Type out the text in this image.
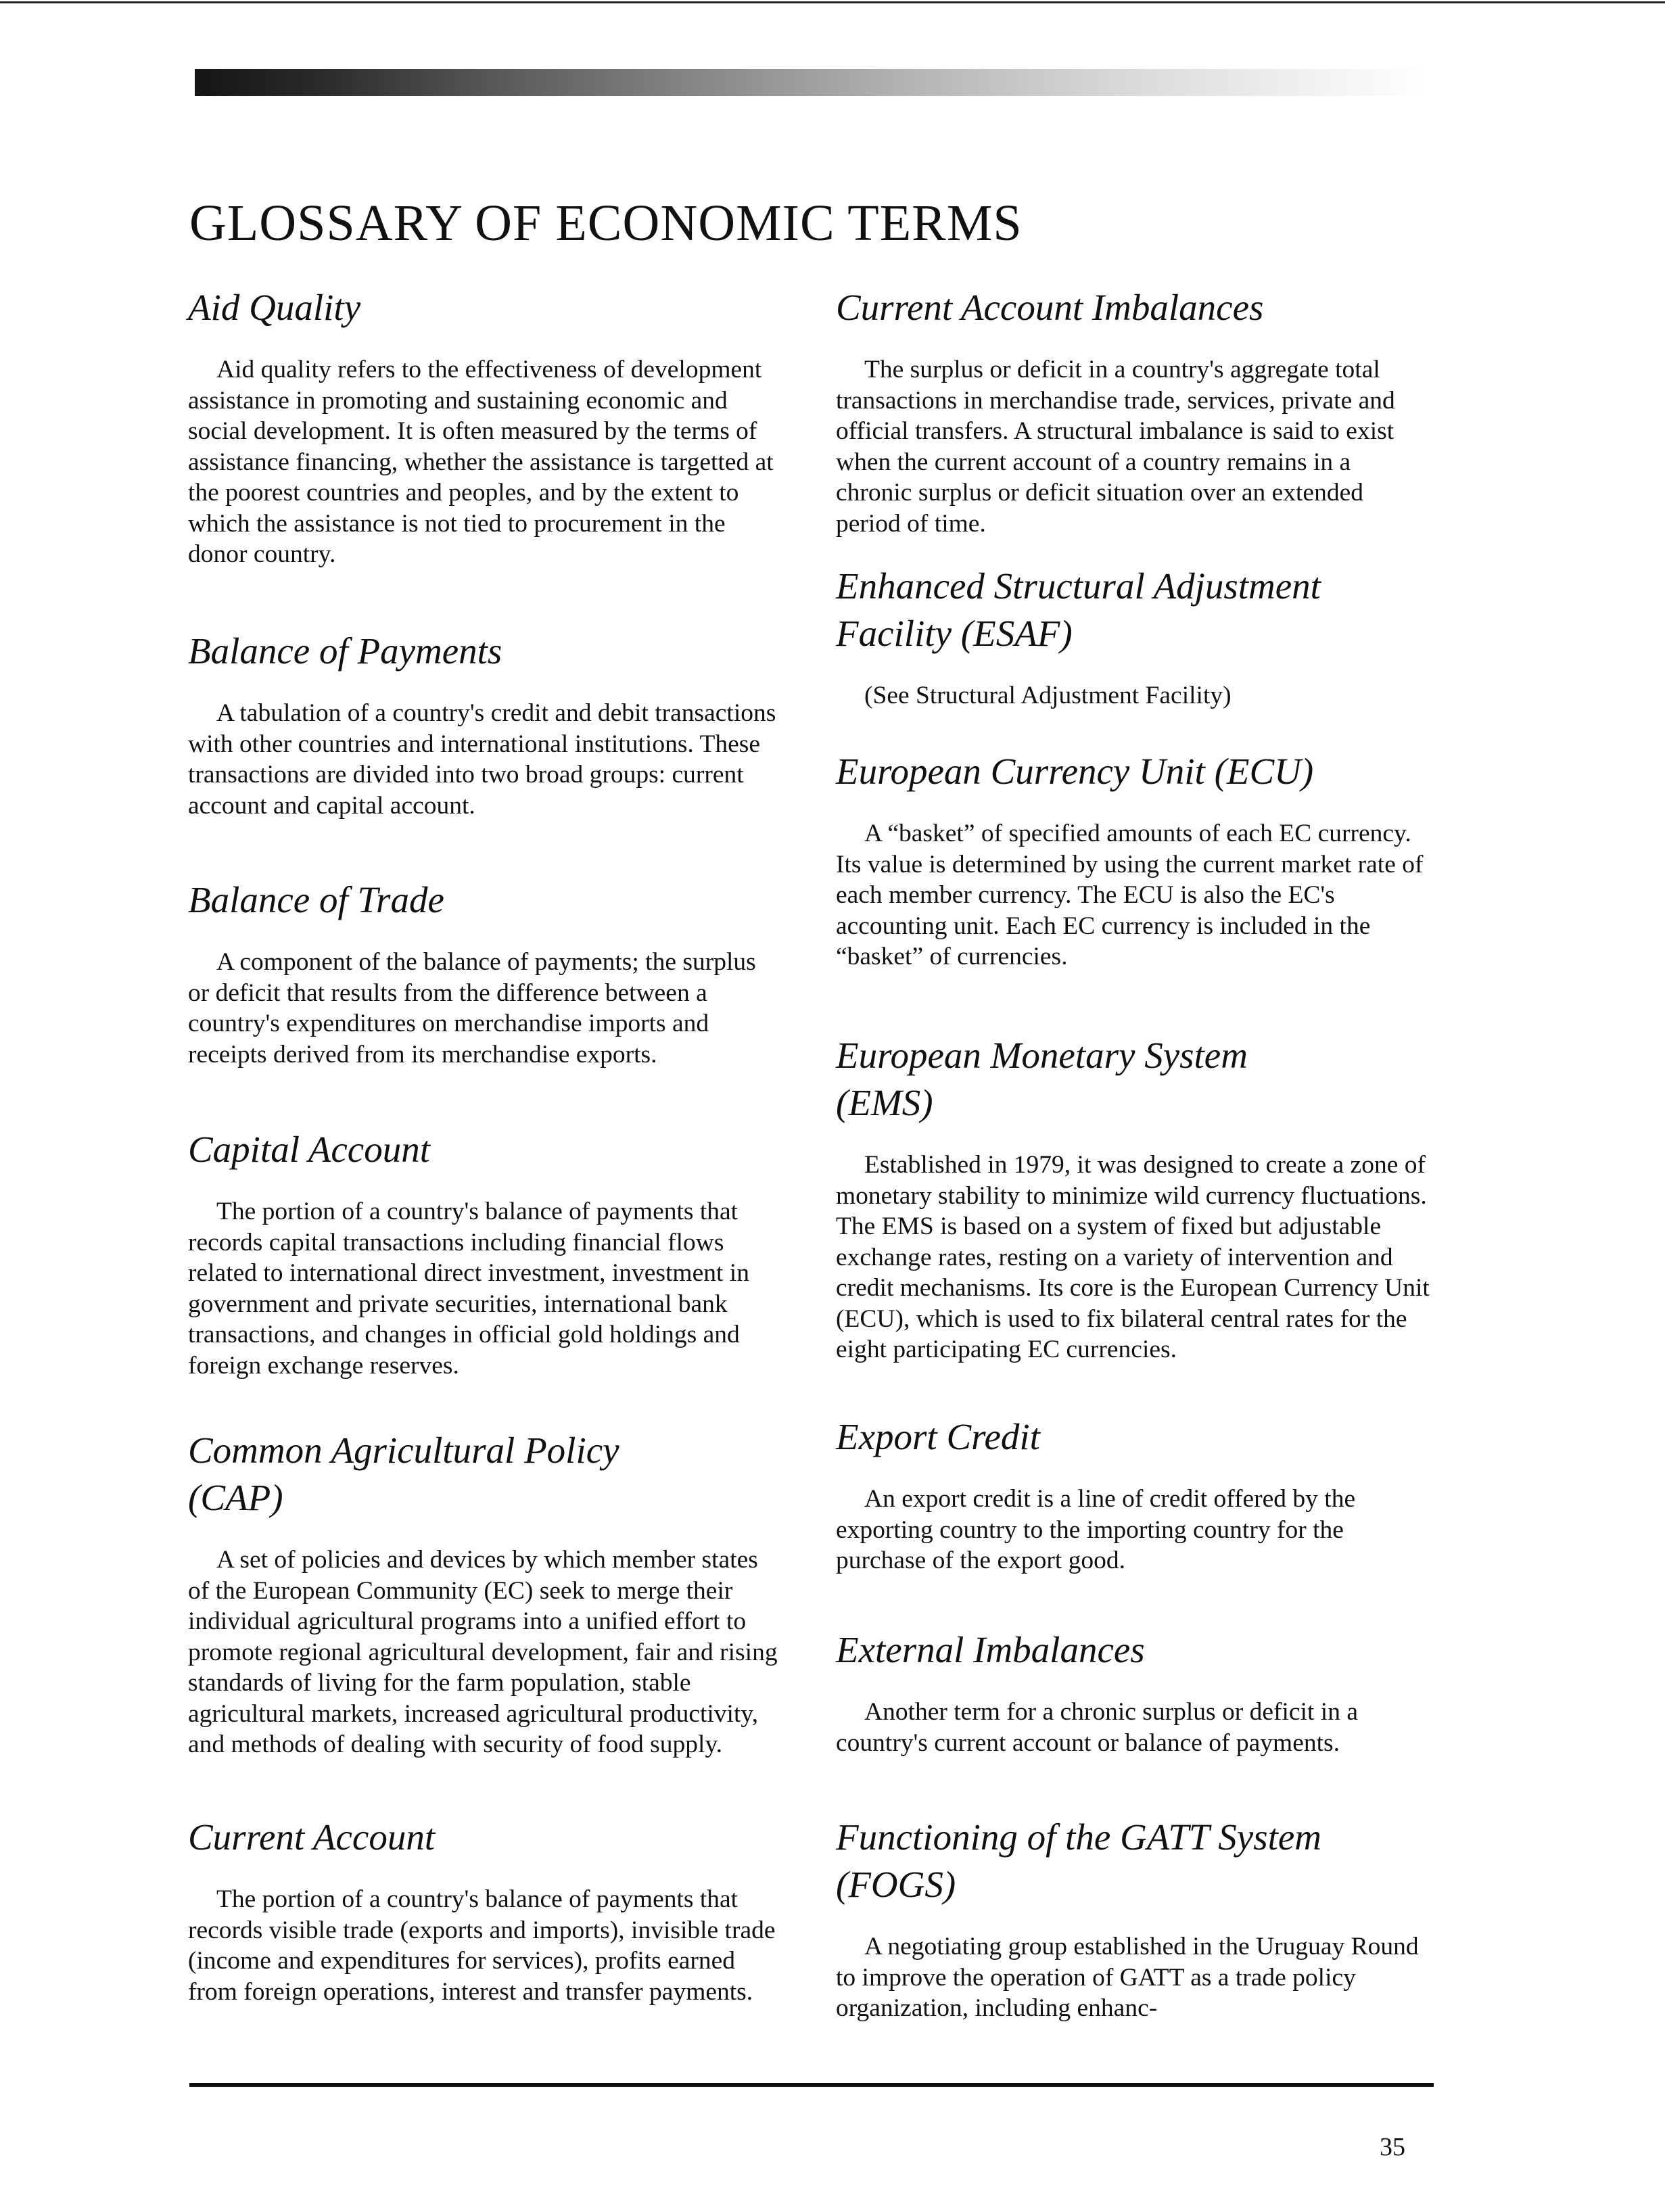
GLOSSARY OF ECONOMIC TERMS
Aid Quality

Aid quality refers to the effectiveness of development assistance in promoting and sustaining economic and social development. It is often measured by the terms of assistance financing, whether the assistance is targetted at the poorest countries and peoples, and by the extent to which the assistance is not tied to procurement in the donor country.

Balance of Payments

A tabulation of a country's credit and debit transactions with other countries and international institutions. These transactions are divided into two broad groups: current account and capital account.

Balance of Trade

A component of the balance of payments; the surplus or deficit that results from the difference between a country's expenditures on merchandise imports and receipts derived from its merchandise exports.

Capital Account

The portion of a country's balance of payments that records capital transactions including financial flows related to international direct investment, investment in government and private securities, international bank transactions, and changes in official gold holdings and foreign exchange reserves.

Common Agricultural Policy (CAP)

A set of policies and devices by which member states of the European Community (EC) seek to merge their individual agricultural programs into a unified effort to promote regional agricultural development, fair and rising standards of living for the farm population, stable agricultural markets, increased agricultural productivity, and methods of dealing with security of food supply.

Current Account

The portion of a country's balance of payments that records visible trade (exports and imports), invisible trade (income and expenditures for services), profits earned from foreign operations, interest and transfer payments.

Current Account Imbalances

The surplus or deficit in a country's aggregate total transactions in merchandise trade, services, private and official transfers. A structural imbalance is said to exist when the current account of a country remains in a chronic surplus or deficit situation over an extended period of time.

Enhanced Structural Adjustment Facility (ESAF)

(See Structural Adjustment Facility)

European Currency Unit (ECU)

A “basket” of specified amounts of each EC currency. Its value is determined by using the current market rate of each member currency. The ECU is also the EC's accounting unit. Each EC currency is included in the “basket” of currencies.

European Monetary System (EMS)

Established in 1979, it was designed to create a zone of monetary stability to minimize wild currency fluctuations. The EMS is based on a system of fixed but adjustable exchange rates, resting on a variety of intervention and credit mechanisms. Its core is the European Currency Unit (ECU), which is used to fix bilateral central rates for the eight participating EC currencies.

Export Credit

An export credit is a line of credit offered by the exporting country to the importing country for the purchase of the export good.

External Imbalances

Another term for a chronic surplus or deficit in a country's current account or balance of payments.

Functioning of the GATT System (FOGS)

A negotiating group established in the Uruguay Round to improve the operation of GATT as a trade policy organization, including enhanc-

35
